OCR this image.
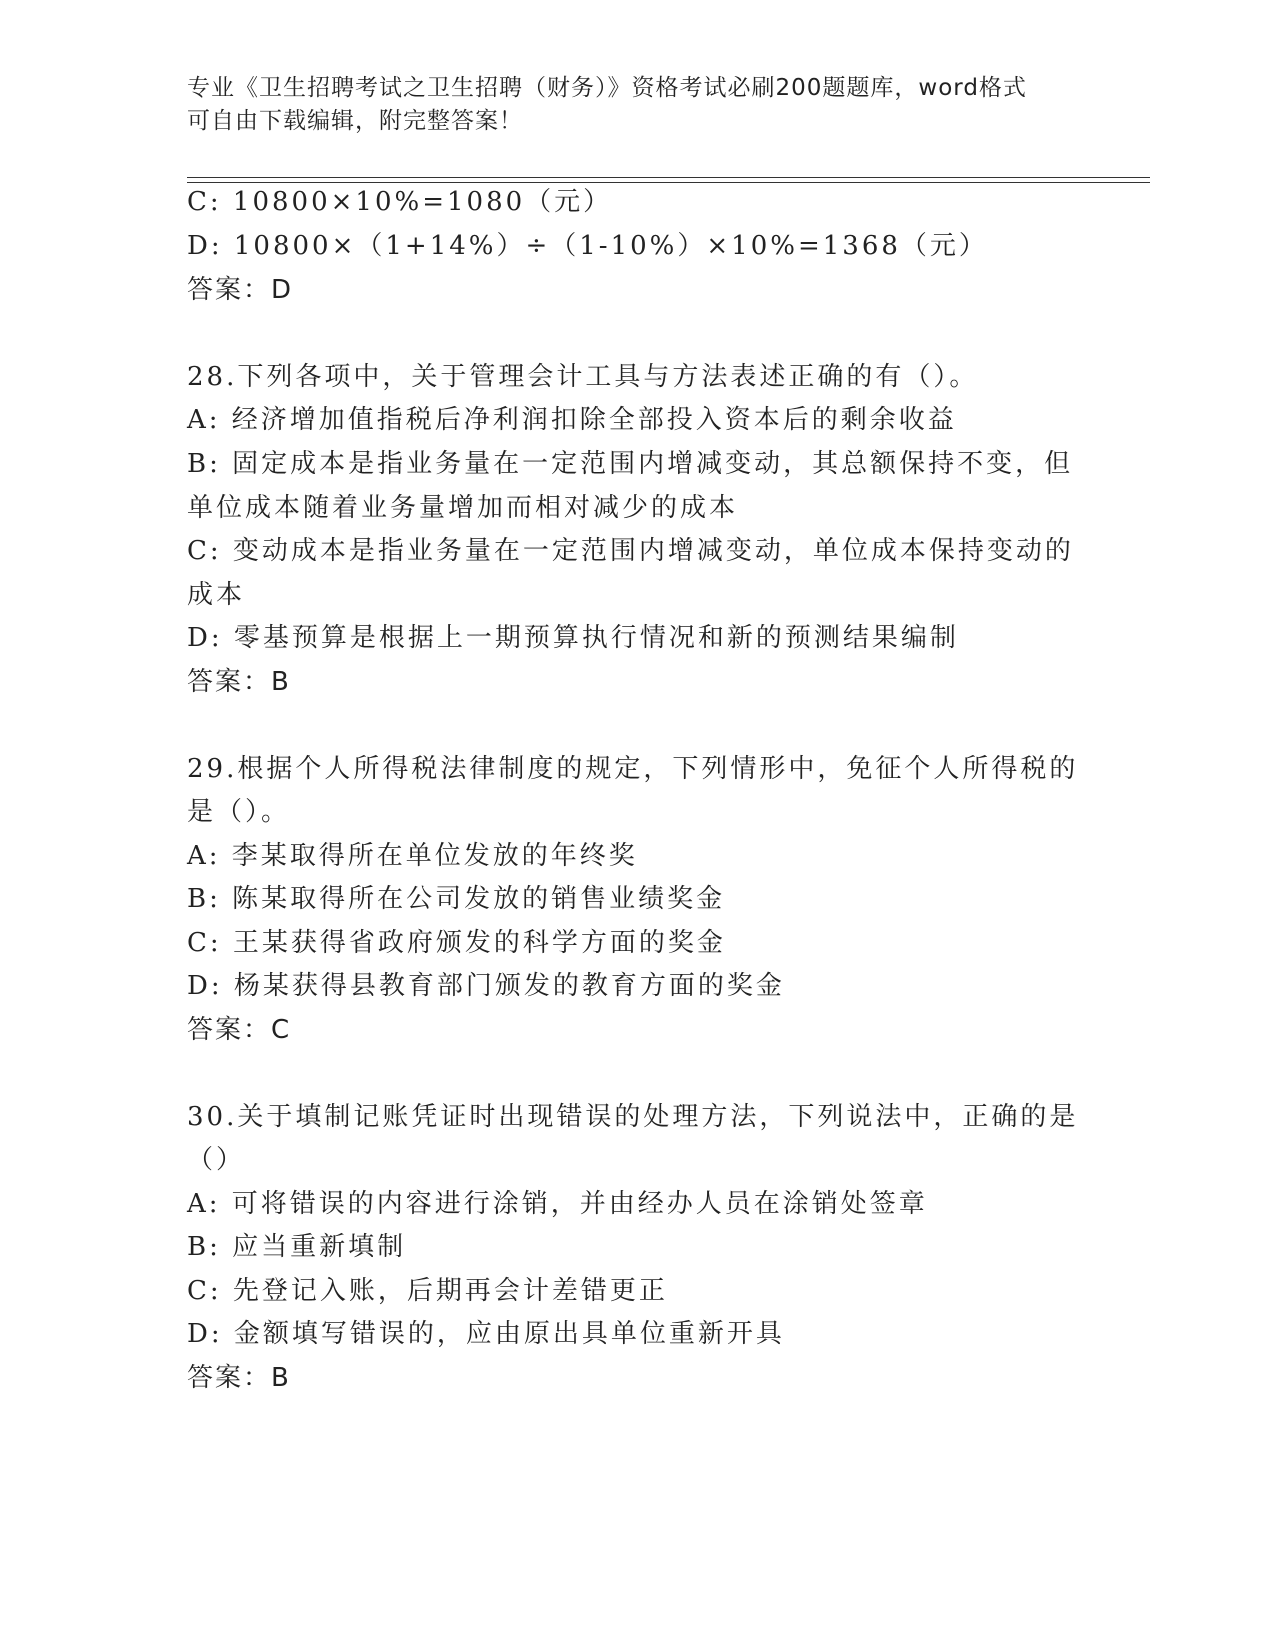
专业《卫生招聘考试之卫生招聘（财务）》资格考试必刷200题题库，word格式
可自由下载编辑，附完整答案！
C: 10800×10%=1080（元）
D: 10800×（1+14%）÷（1-10%）×10%=1368（元）
答案：D
28.下列各项中，关于管理会计工具与方法表述正确的有（）。
A: 经济增加值指税后净利润扣除全部投入资本后的剩余收益
B: 固定成本是指业务量在一定范围内增减变动，其总额保持不变，但
单位成本随着业务量增加而相对减少的成本
C: 变动成本是指业务量在一定范围内增减变动，单位成本保持变动的
成本
D: 零基预算是根据上一期预算执行情况和新的预测结果编制
答案：B
29.根据个人所得税法律制度的规定，下列情形中，免征个人所得税的
是（）。
A: 李某取得所在单位发放的年终奖
B: 陈某取得所在公司发放的销售业绩奖金
C: 王某获得省政府颁发的科学方面的奖金
D: 杨某获得县教育部门颁发的教育方面的奖金
答案：C
30.关于填制记账凭证时出现错误的处理方法，下列说法中，正确的是
（）
A: 可将错误的内容进行涂销，并由经办人员在涂销处签章
B: 应当重新填制
C: 先登记入账，后期再会计差错更正
D: 金额填写错误的，应由原出具单位重新开具
答案：B
